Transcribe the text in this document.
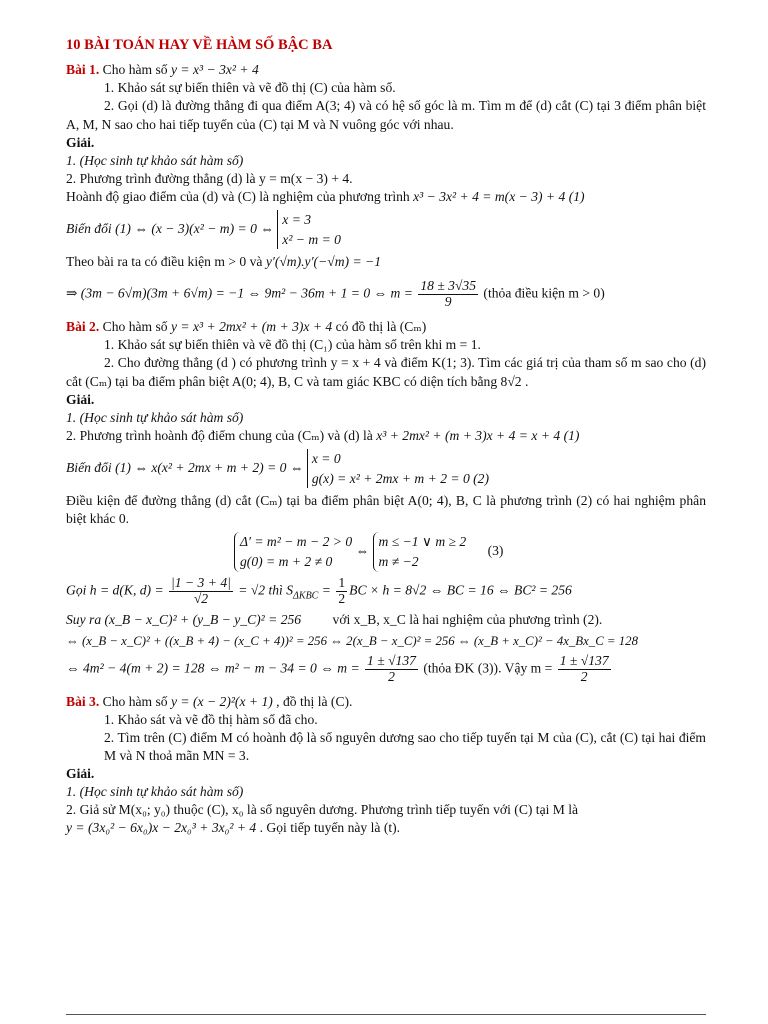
10 BÀI TOÁN HAY VỀ HÀM SỐ BẬC BA

Bài 1. Cho hàm số y = x³ − 3x² + 4

1. Khảo sát sự biến thiên và vẽ đồ thị (C) của hàm số.

2. Gọi (d) là đường thẳng đi qua điểm A(3; 4) và có hệ số góc là m. Tìm m để (d) cắt (C) tại 3 điểm phân biệt A, M, N sao cho hai tiếp tuyến của (C) tại M và N vuông góc với nhau.

Giải.

1. (Học sinh tự khảo sát hàm số)

2. Phương trình đường thẳng (d) là y = m(x − 3) + 4.

Hoành độ giao điểm của (d) và (C) là nghiệm của phương trình x³ − 3x² + 4 = m(x − 3) + 4 (1)

Biến đổi (1) ⇔ (x − 3)(x² − m) = 0 ⇔
x = 3
x² − m = 0

Theo bài ra ta có điều kiện m > 0 và y′(√m).y′(−√m) = −1

⇒ (3m − 6√m)(3m + 6√m) = −1 ⇔ 9m² − 36m + 1 = 0 ⇔ $m = \frac{18 \pm 3√35}{9}$ (thỏa điều kiện m > 0)

Bài 2. Cho hàm số y = x³ + 2mx² + (m + 3)x + 4 có đồ thị là (Cₘ)

1. Khảo sát sự biến thiên và vẽ đồ thị (C₁) của hàm số trên khi m = 1.

2. Cho đường thẳng (d ) có phương trình y = x + 4 và điểm K(1; 3). Tìm các giá trị của tham số m sao cho (d) cắt (Cₘ) tại ba điểm phân biệt A(0; 4), B, C và tam giác KBC có diện tích bằng 8√2 .

Giải.

1. (Học sinh tự khảo sát hàm số)

2. Phương trình hoành độ điểm chung của (Cₘ) và (d) là x³ + 2mx² + (m + 3)x + 4 = x + 4 (1)

Biến đổi (1) ⇔ x(x² + 2mx + m + 2) = 0 ⇔
x = 0
g(x) = x² + 2mx + m + 2 = 0 (2)

Điều kiện để đường thẳng (d) cắt (Cₘ) tại ba điểm phân biệt A(0; 4), B, C là phương trình (2) có hai nghiệm phân biệt khác 0.

Δ′ = m² − m − 2 > 0
g(0) = m + 2 ≠ 0
⇔
m ≤ −1 ∨ m ≥ 2
m ≠ −2
(3)

Gọi h = d(K, $d) = \frac{|1 - 3 + 4|}{√2} = √2$ thì $S_{\Delta KBC} = \frac{1}{2}$ BC × h = 8√2 ⇔ BC = 16 ⇔ BC² = 256

Suy ra (x_B − x_C)² + (y_B − y_C)² = 256 với x_B, x_C là hai nghiệm của phương trình (2).

⇔ (x_B − x_C)² + ((x_B + 4) − (x_C + 4))² = 256 ⇔ 2(x_B − x_C)² = 256 ⇔ (x_B + x_C)² − 4x_Bx_C = 128

⇔ 4m² − 4(m + 2) = 128 ⇔ m² − m − 34 = 0 ⇔ $m = \frac{1 \pm √137}{2}$ (thỏa ĐK (3)). Vậy $m = \frac{1 \pm √137}{2}$

Bài 3. Cho hàm số y = (x − 2)²(x + 1) , đồ thị là (C).

1. Khảo sát và vẽ đồ thị hàm số đã cho.

2. Tìm trên (C) điểm M có hoành độ là số nguyên dương sao cho tiếp tuyến tại M của (C), cắt (C) tại hai điểm M và N thoả mãn MN = 3.

Giải.

1. (Học sinh tự khảo sát hàm số)

2. Giả sử M(x₀; y₀) thuộc (C), x₀ là số nguyên dương. Phương trình tiếp tuyến với (C) tại M là

y = (3x₀² − 6x₀)x − 2x₀³ + 3x₀² + 4 . Gọi tiếp tuyến này là (t).
